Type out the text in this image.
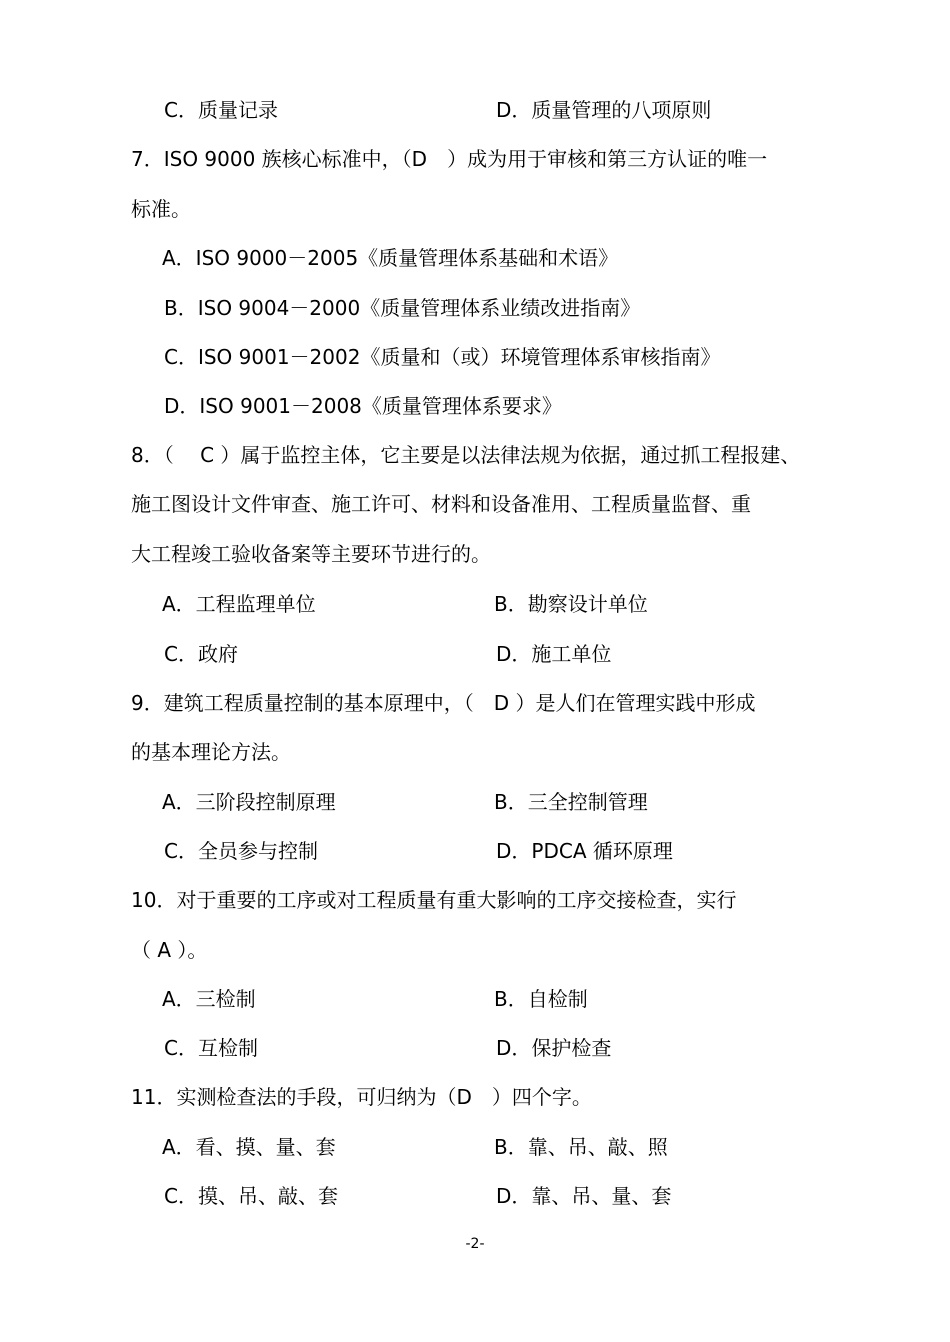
C．质量记录	D．质量管理的八项原则
7．ISO 9000 族核心标准中，（D　）成为用于审核和第三方认证的唯一
标准。
A．ISO 9000－2005《质量管理体系基础和术语》
B．ISO 9004－2000《质量管理体系业绩改进指南》
C．ISO 9001－2002《质量和（或）环境管理体系审核指南》
D．ISO 9001－2008《质量管理体系要求》
8．（　 C ）属于监控主体，它主要是以法律法规为依据，通过抓工程报建、
施工图设计文件审查、施工许可、材料和设备准用、工程质量监督、重
大工程竣工验收备案等主要环节进行的。
A．工程监理单位	B．勘察设计单位
C．政府	D．施工单位
9．建筑工程质量控制的基本原理中，（　D ）是人们在管理实践中形成
的基本理论方法。
A．三阶段控制原理	B．三全控制管理
C．全员参与控制	D．PDCA 循环原理
10．对于重要的工序或对工程质量有重大影响的工序交接检查，实行
（ A ）。
A．三检制	B．自检制
C．互检制	D．保护检查
11．实测检查法的手段，可归纳为（D　）四个字。
A．看、摸、量、套	B．靠、吊、敲、照
C．摸、吊、敲、套	D．靠、吊、量、套
-2-
